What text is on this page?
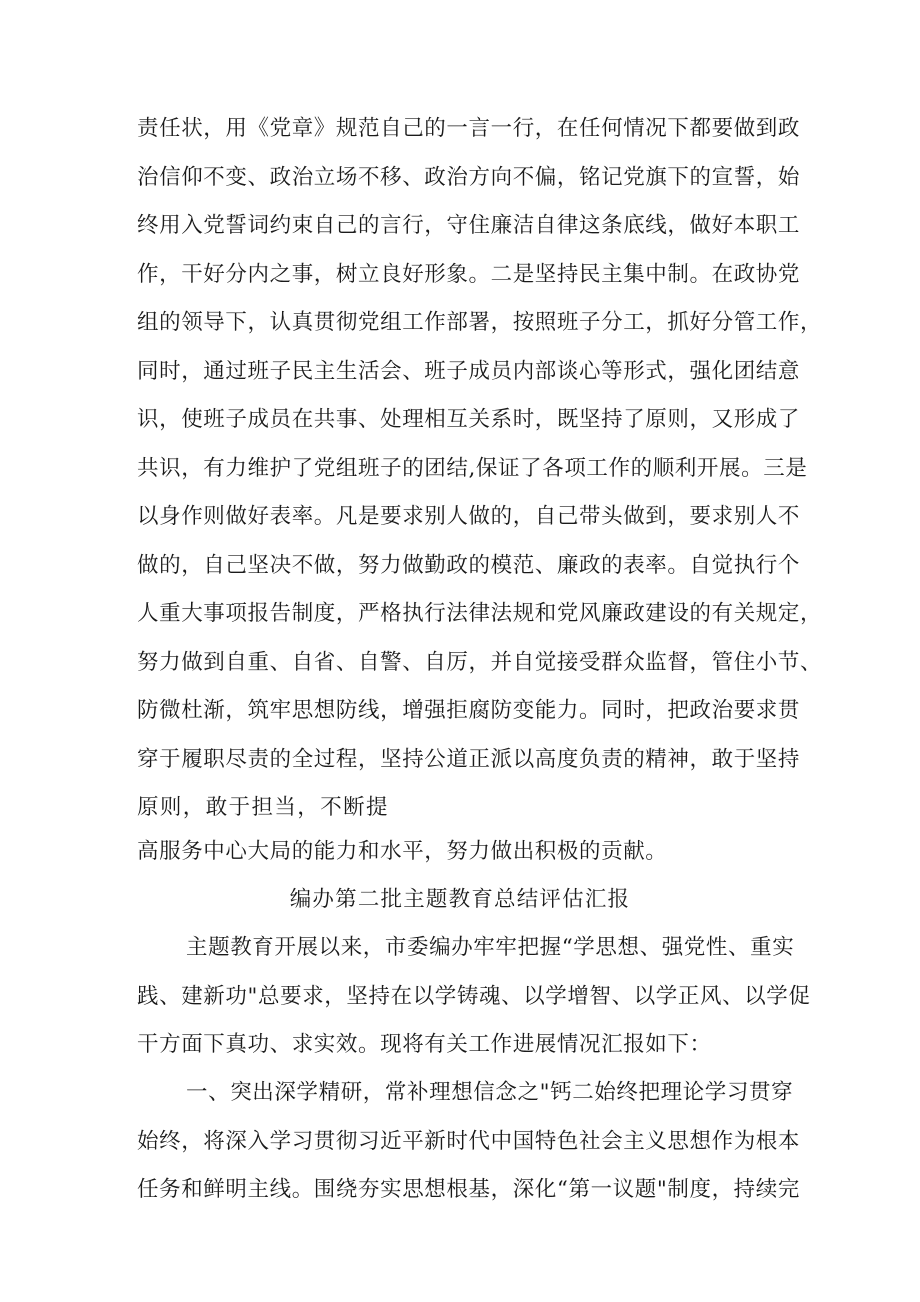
责任状，用《党章》规范自己的一言一行，在任何情况下都要做到政
治信仰不变、政治立场不移、政治方向不偏，铭记党旗下的宣誓，始
终用入党誓词约束自己的言行，守住廉洁自律这条底线，做好本职工
作，干好分内之事，树立良好形象。二是坚持民主集中制。在政协党
组的领导下，认真贯彻党组工作部署，按照班子分工，抓好分管工作，
同时，通过班子民主生活会、班子成员内部谈心等形式，强化团结意
识，使班子成员在共事、处理相互关系时，既坚持了原则，又形成了
共识，有力维护了党组班子的团结,保证了各项工作的顺利开展。三是
以身作则做好表率。凡是要求别人做的，自己带头做到，要求别人不
做的，自己坚决不做，努力做勤政的模范、廉政的表率。自觉执行个
人重大事项报告制度，严格执行法律法规和党风廉政建设的有关规定，
努力做到自重、自省、自警、自厉，并自觉接受群众监督，管住小节、
防微杜渐，筑牢思想防线，增强拒腐防变能力。同时，把政治要求贯
穿于履职尽责的全过程，坚持公道正派以高度负责的精神，敢于坚持
原则，敢于担当，不断提
高服务中心大局的能力和水平，努力做出积极的贡献。
编办第二批主题教育总结评估汇报
主题教育开展以来，市委编办牢牢把握“学思想、强党性、重实
践、建新功"总要求，坚持在以学铸魂、以学增智、以学正风、以学促
干方面下真功、求实效。现将有关工作进展情况汇报如下：
一、突出深学精研，常补理想信念之"钙二始终把理论学习贯穿
始终，将深入学习贯彻习近平新时代中国特色社会主义思想作为根本
任务和鲜明主线。围绕夯实思想根基，深化“第一议题"制度，持续完
